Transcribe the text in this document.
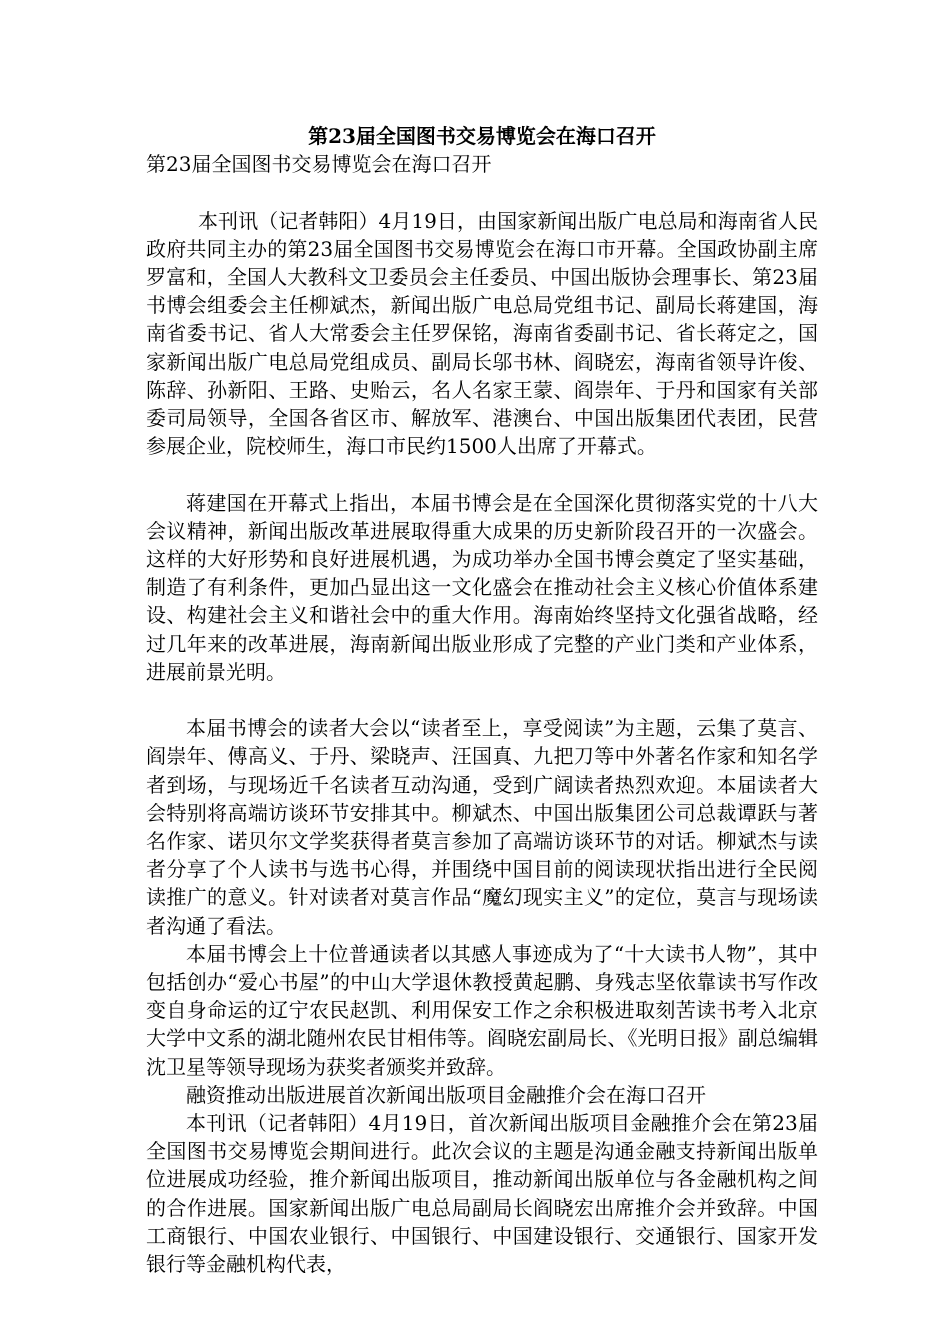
第23届全国图书交易博览会在海口召开

第23届全国图书交易博览会在海口召开

本刊讯（记者韩阳）4月19日，由国家新闻出版广电总局和海南省人民政府共同主办的第23届全国图书交易博览会在海口市开幕。全国政协副主席罗富和，全国人大教科文卫委员会主任委员、中国出版协会理事长、第23届书博会组委会主任柳斌杰，新闻出版广电总局党组书记、副局长蒋建国，海南省委书记、省人大常委会主任罗保铭，海南省委副书记、省长蒋定之，国家新闻出版广电总局党组成员、副局长邬书林、阎晓宏，海南省领导许俊、陈辞、孙新阳、王路、史贻云，名人名家王蒙、阎崇年、于丹和国家有关部委司局领导，全国各省区市、解放军、港澳台、中国出版集团代表团，民营参展企业，院校师生，海口市民约1500人出席了开幕式。

蒋建国在开幕式上指出，本届书博会是在全国深化贯彻落实党的十八大会议精神，新闻出版改革进展取得重大成果的历史新阶段召开的一次盛会。这样的大好形势和良好进展机遇，为成功举办全国书博会奠定了坚实基础，制造了有利条件，更加凸显出这一文化盛会在推动社会主义核心价值体系建设、构建社会主义和谐社会中的重大作用。海南始终坚持文化强省战略，经过几年来的改革进展，海南新闻出版业形成了完整的产业门类和产业体系，进展前景光明。

本届书博会的读者大会以“读者至上，享受阅读”为主题，云集了莫言、阎崇年、傅高义、于丹、梁晓声、汪国真、九把刀等中外著名作家和知名学者到场，与现场近千名读者互动沟通，受到广阔读者热烈欢迎。本届读者大会特别将高端访谈环节安排其中。柳斌杰、中国出版集团公司总裁谭跃与著名作家、诺贝尔文学奖获得者莫言参加了高端访谈环节的对话。柳斌杰与读者分享了个人读书与选书心得，并围绕中国目前的阅读现状指出进行全民阅读推广的意义。针对读者对莫言作品“魔幻现实主义”的定位，莫言与现场读者沟通了看法。

本届书博会上十位普通读者以其感人事迹成为了“十大读书人物”，其中包括创办“爱心书屋”的中山大学退休教授黄起鹏、身残志坚依靠读书写作改变自身命运的辽宁农民赵凯、利用保安工作之余积极进取刻苦读书考入北京大学中文系的湖北随州农民甘相伟等。阎晓宏副局长、《光明日报》副总编辑沈卫星等领导现场为获奖者颁奖并致辞。

融资推动出版进展首次新闻出版项目金融推介会在海口召开

本刊讯（记者韩阳）4月19日，首次新闻出版项目金融推介会在第23届全国图书交易博览会期间进行。此次会议的主题是沟通金融支持新闻出版单位进展成功经验，推介新闻出版项目，推动新闻出版单位与各金融机构之间的合作进展。国家新闻出版广电总局副局长阎晓宏出席推介会并致辞。中国工商银行、中国农业银行、中国银行、中国建设银行、交通银行、国家开发银行等金融机构代表，
